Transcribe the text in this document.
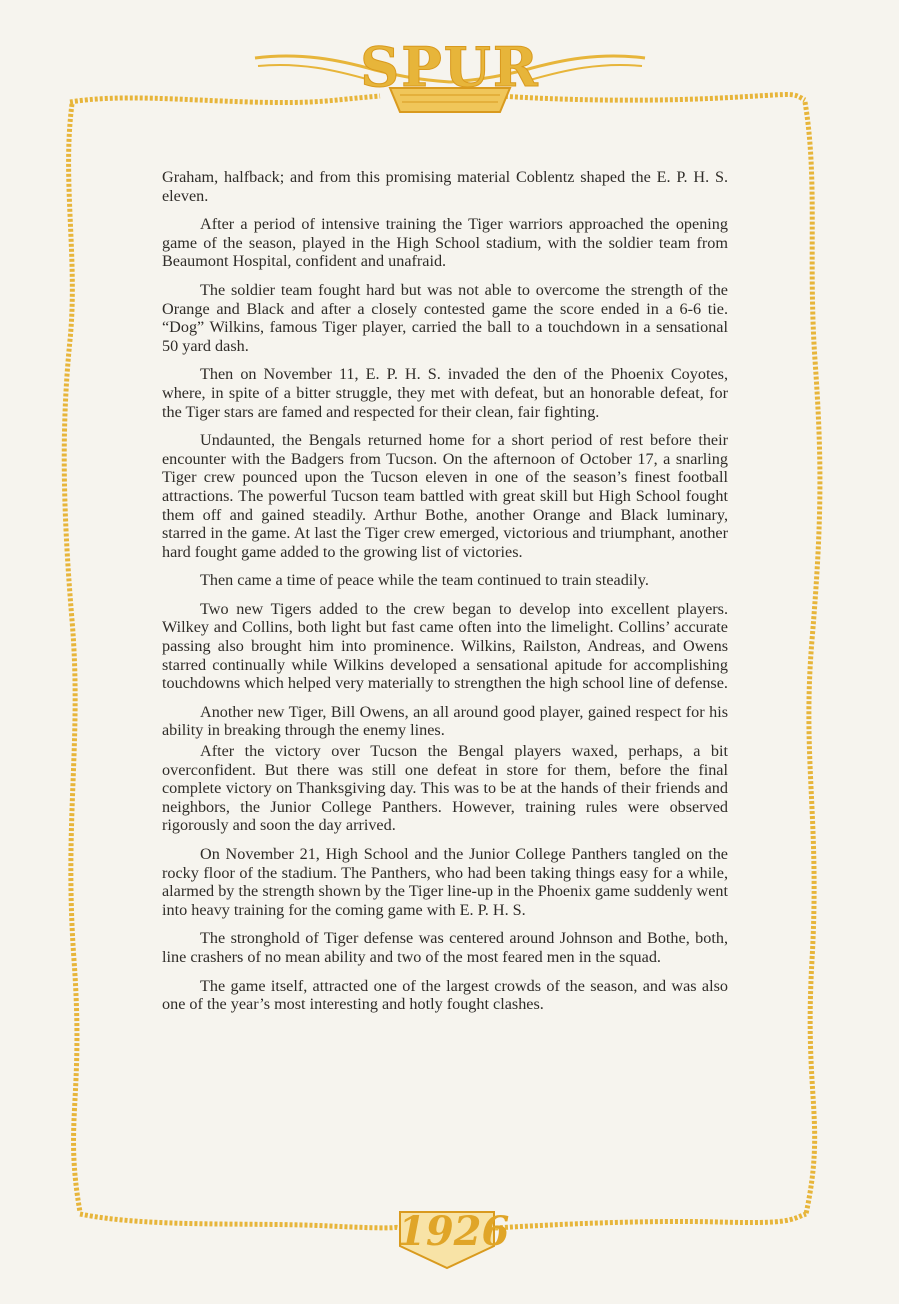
SPUR

Graham, halfback; and from this promising material Coblentz shaped the E. P. H. S. eleven.

After a period of intensive training the Tiger warriors approached the opening game of the season, played in the High School stadium, with the soldier team from Beaumont Hospital, confident and unafraid.

The soldier team fought hard but was not able to overcome the strength of the Orange and Black and after a closely contested game the score ended in a 6-6 tie. “Dog” Wilkins, famous Tiger player, carried the ball to a touchdown in a sensational 50 yard dash.

Then on November 11, E. P. H. S. invaded the den of the Phoenix Coyotes, where, in spite of a bitter struggle, they met with defeat, but an honorable defeat, for the Tiger stars are famed and respected for their clean, fair fighting.

Undaunted, the Bengals returned home for a short period of rest before their encounter with the Badgers from Tucson. On the afternoon of October 17, a snarling Tiger crew pounced upon the Tucson eleven in one of the season’s finest football attractions. The powerful Tucson team battled with great skill but High School fought them off and gained steadily. Arthur Bothe, another Orange and Black luminary, starred in the game. At last the Tiger crew emerged, victorious and triumphant, another hard fought game added to the growing list of victories.

Then came a time of peace while the team continued to train steadily.

Two new Tigers added to the crew began to develop into excellent players. Wilkey and Collins, both light but fast came often into the limelight. Collins’ accurate passing also brought him into prominence. Wilkins, Railston, Andreas, and Owens starred continually while Wilkins developed a sensational apitude for accomplishing touchdowns which helped very materially to strengthen the high school line of defense.

Another new Tiger, Bill Owens, an all around good player, gained respect for his ability in breaking through the enemy lines.

After the victory over Tucson the Bengal players waxed, perhaps, a bit overconfident. But there was still one defeat in store for them, before the final complete victory on Thanksgiving day. This was to be at the hands of their friends and neighbors, the Junior College Panthers. However, training rules were observed rigorously and soon the day arrived.

On November 21, High School and the Junior College Panthers tangled on the rocky floor of the stadium. The Panthers, who had been taking things easy for a while, alarmed by the strength shown by the Tiger line-up in the Phoenix game suddenly went into heavy training for the coming game with E. P. H. S.

The stronghold of Tiger defense was centered around Johnson and Bothe, both, line crashers of no mean ability and two of the most feared men in the squad.

The game itself, attracted one of the largest crowds of the season, and was also one of the year’s most interesting and hotly fought clashes.

1926
